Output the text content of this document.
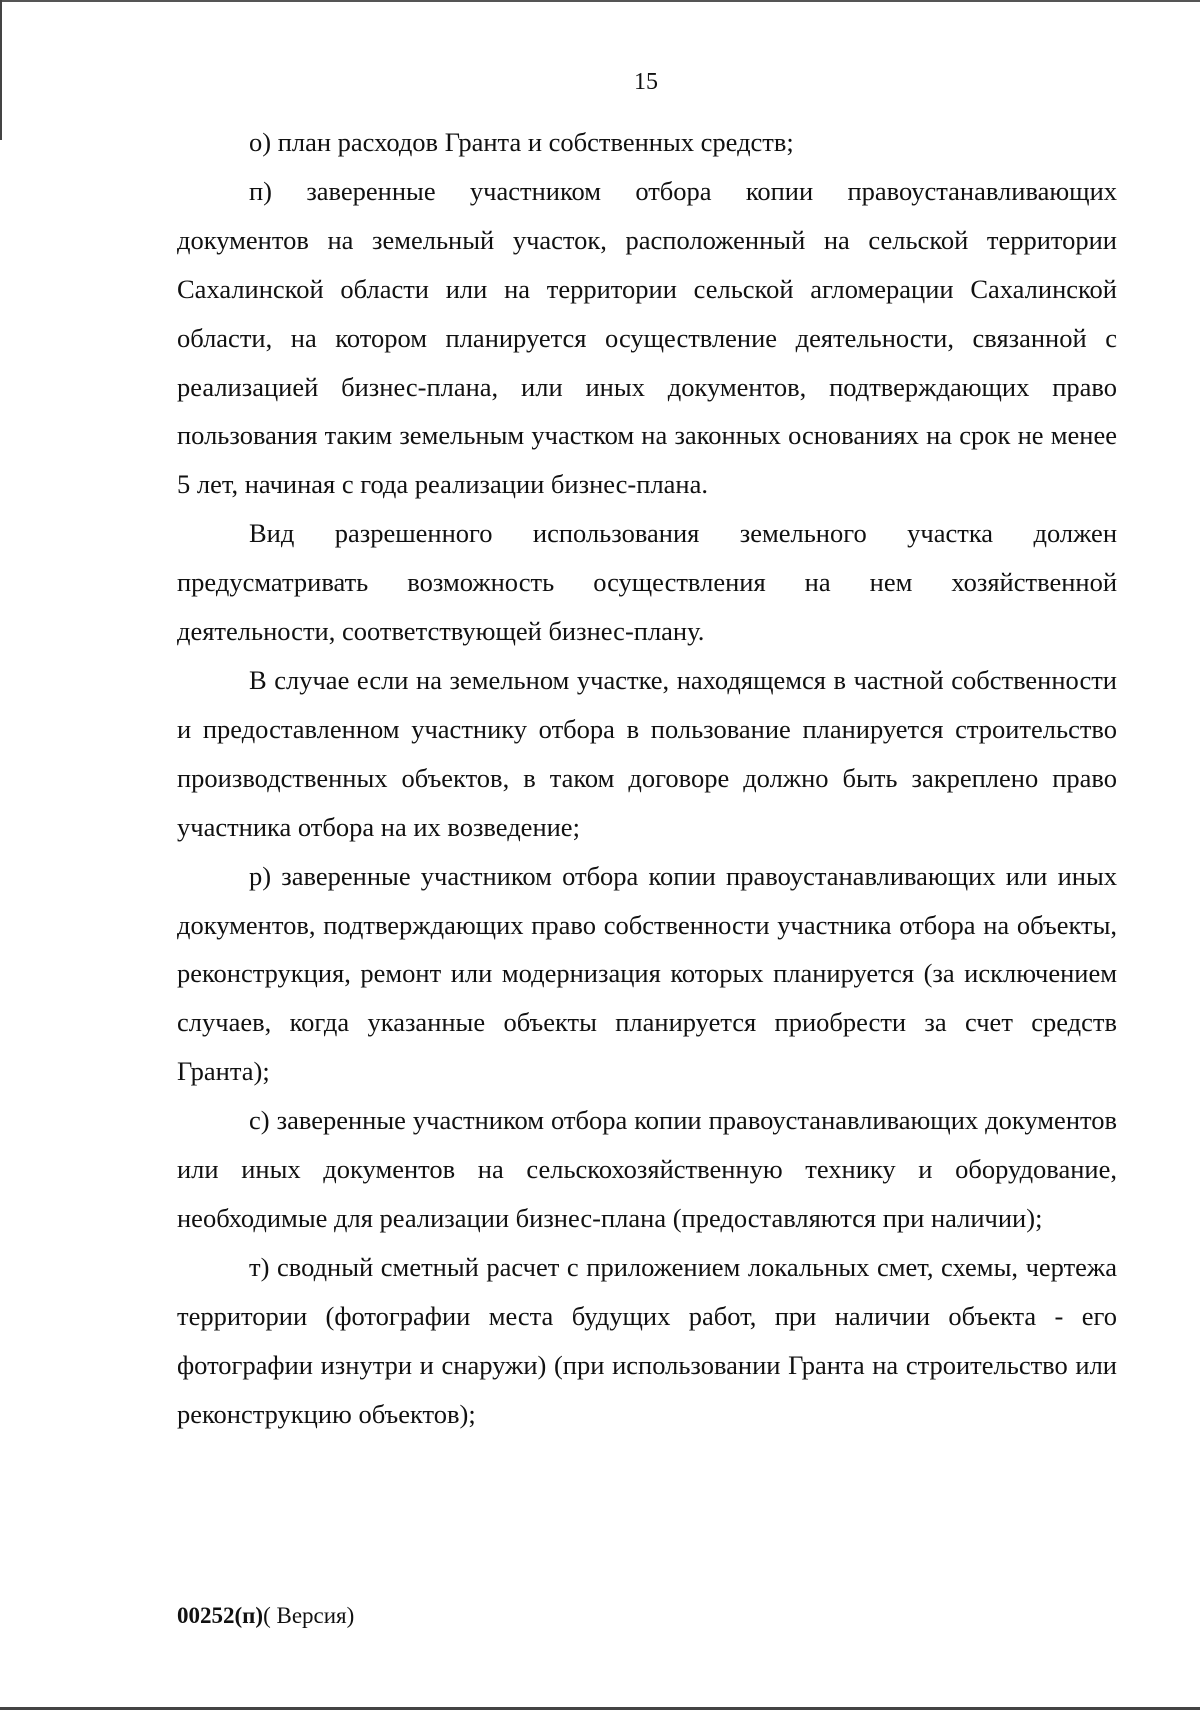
15

о) план расходов Гранта и собственных средств;

п) заверенные участником отбора копии правоустанавливающих документов на земельный участок, расположенный на сельской территории Сахалинской области или на территории сельской агломерации Сахалинской области, на котором планируется осуществление деятельности, связанной с реализацией бизнес-плана, или иных документов, подтверждающих право пользования таким земельным участком на законных основаниях на срок не менее 5 лет, начиная с года реализации бизнес-плана.

Вид разрешенного использования земельного участка должен предусматривать возможность осуществления на нем хозяйственной деятельности, соответствующей бизнес-плану.

В случае если на земельном участке, находящемся в частной собственности и предоставленном участнику отбора в пользование планируется строительство производственных объектов, в таком договоре должно быть закреплено право участника отбора на их возведение;

р) заверенные участником отбора копии правоустанавливающих или иных документов, подтверждающих право собственности участника отбора на объекты, реконструкция, ремонт или модернизация которых планируется (за исключением случаев, когда указанные объекты планируется приобрести за счет средств Гранта);

с) заверенные участником отбора копии правоустанавливающих документов или иных документов на сельскохозяйственную технику и оборудование, необходимые для реализации бизнес-плана (предоставляются при наличии);

т) сводный сметный расчет с приложением локальных смет, схемы, чертежа территории (фотографии места будущих работ, при наличии объекта - его фотографии изнутри и снаружи) (при использовании Гранта на строительство или реконструкцию объектов);

00252(п)( Версия)
